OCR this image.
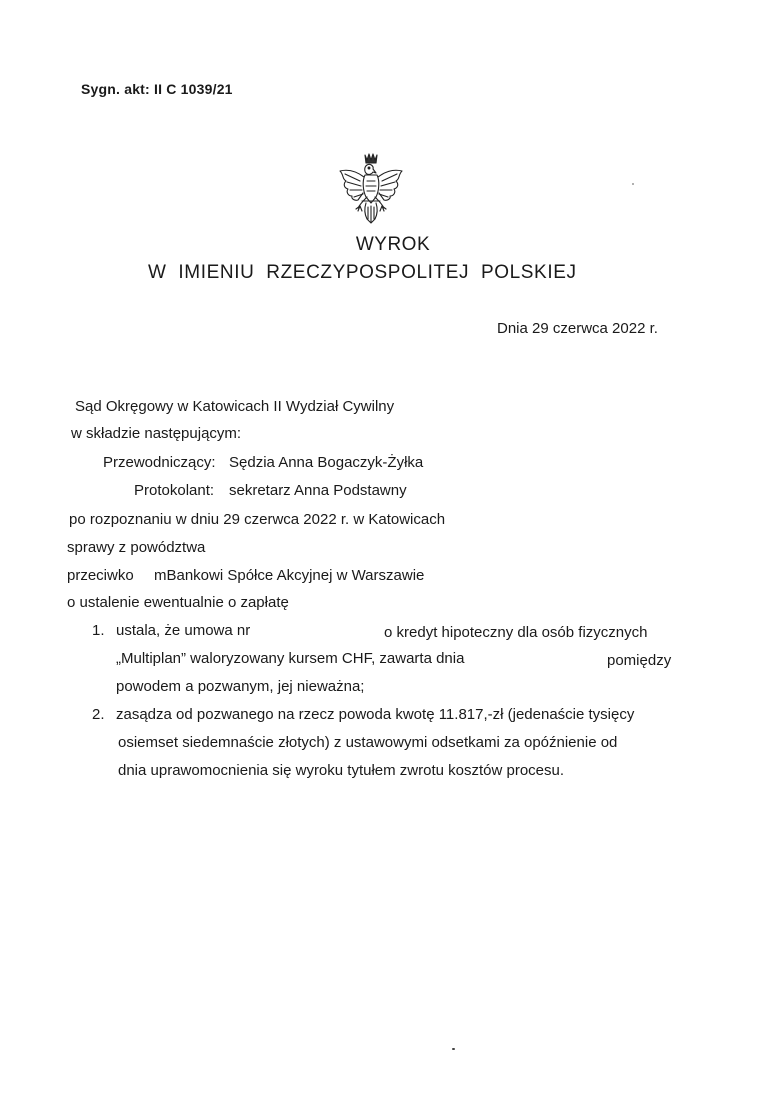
Sygn. akt: II C 1039/21
WYROK
W IMIENIU RZECZYPOSPOLITEJ POLSKIEJ
Dnia 29 czerwca 2022 r.
Sąd Okręgowy w Katowicach II Wydział Cywilny
w składzie następującym:
Przewodniczący: Sędzia Anna Bogaczyk-Żyłka
Protokolant: sekretarz Anna Podstawny
po rozpoznaniu w dniu 29 czerwca 2022 r. w Katowicach
sprawy z powództwa
przeciwko mBankowi Spółce Akcyjnej w Warszawie
o ustalenie ewentualnie o zapłatę
1. ustala, że umowa nr	o kredyt hipoteczny dla osób fizycznych
„Multiplan” waloryzowany kursem CHF, zawarta dnia	pomiędzy
powodem a pozwanym, jej nieważna;
2. zasądza od pozwanego na rzecz powoda kwotę 11.817,-zł (jedenaście tysięcy
osiemset siedemnaście złotych) z ustawowymi odsetkami za opóźnienie od
dnia uprawomocnienia się wyroku tytułem zwrotu kosztów procesu.
